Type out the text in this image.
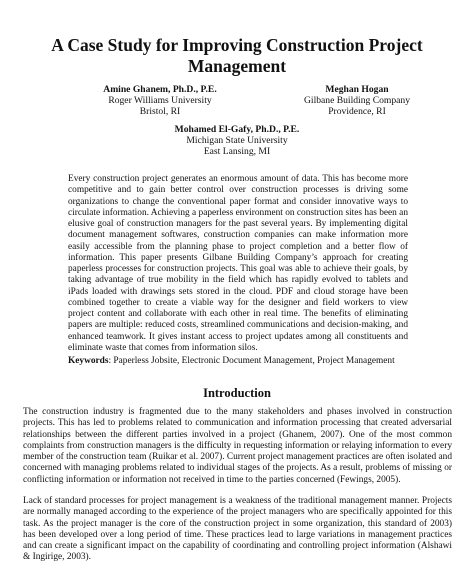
A Case Study for Improving Construction Project
Management
Amine Ghanem, Ph.D., P.E.
Roger Williams University
Bristol, RI
Meghan Hogan
Gilbane Building Company
Providence, RI
Mohamed El-Gafy, Ph.D., P.E.
Michigan State University
East Lansing, MI

Every construction project generates an enormous amount of data. This has become more competitive and to gain better control over construction processes is driving some organizations to change the conventional paper format and consider innovative ways to circulate information. Achieving a paperless environment on construction sites has been an elusive goal of construction managers for the past several years. By implementing digital document management softwares, construction companies can make information more easily accessible from the planning phase to project completion and a better flow of information. This paper presents Gilbane Building Company’s approach for creating paperless processes for construction projects. This goal was able to achieve their goals, by taking advantage of true mobility in the field which has rapidly evolved to tablets and iPads loaded with drawings sets stored in the cloud. PDF and cloud storage have been combined together to create a viable way for the designer and field workers to view project content and collaborate with each other in real time. The benefits of eliminating papers are multiple: reduced costs, streamlined communications and decision-making, and enhanced teamwork. It gives instant access to project updates among all constituents and eliminate waste that comes from information silos.

Keywords: Paperless Jobsite, Electronic Document Management, Project Management

Introduction

The construction industry is fragmented due to the many stakeholders and phases involved in construction projects. This has led to problems related to communication and information processing that created adversarial relationships between the different parties involved in a project (Ghanem, 2007). One of the most common complaints from construction managers is the difficulty in requesting information or relaying information to every member of the construction team (Ruikar et al. 2007). Current project management practices are often isolated and concerned with managing problems related to individual stages of the projects. As a result, problems of missing or conflicting information or information not received in time to the parties concerned (Fewings, 2005).

Lack of standard processes for project management is a weakness of the traditional management manner. Projects are normally managed according to the experience of the project managers who are specifically appointed for this task. As the project manager is the core of the construction project in some organization, this standard of 2003) has been developed over a long period of time. These practices lead to large variations in management practices and can create a significant impact on the capability of coordinating and controlling project information (Alshawi & Ingirige, 2003).
